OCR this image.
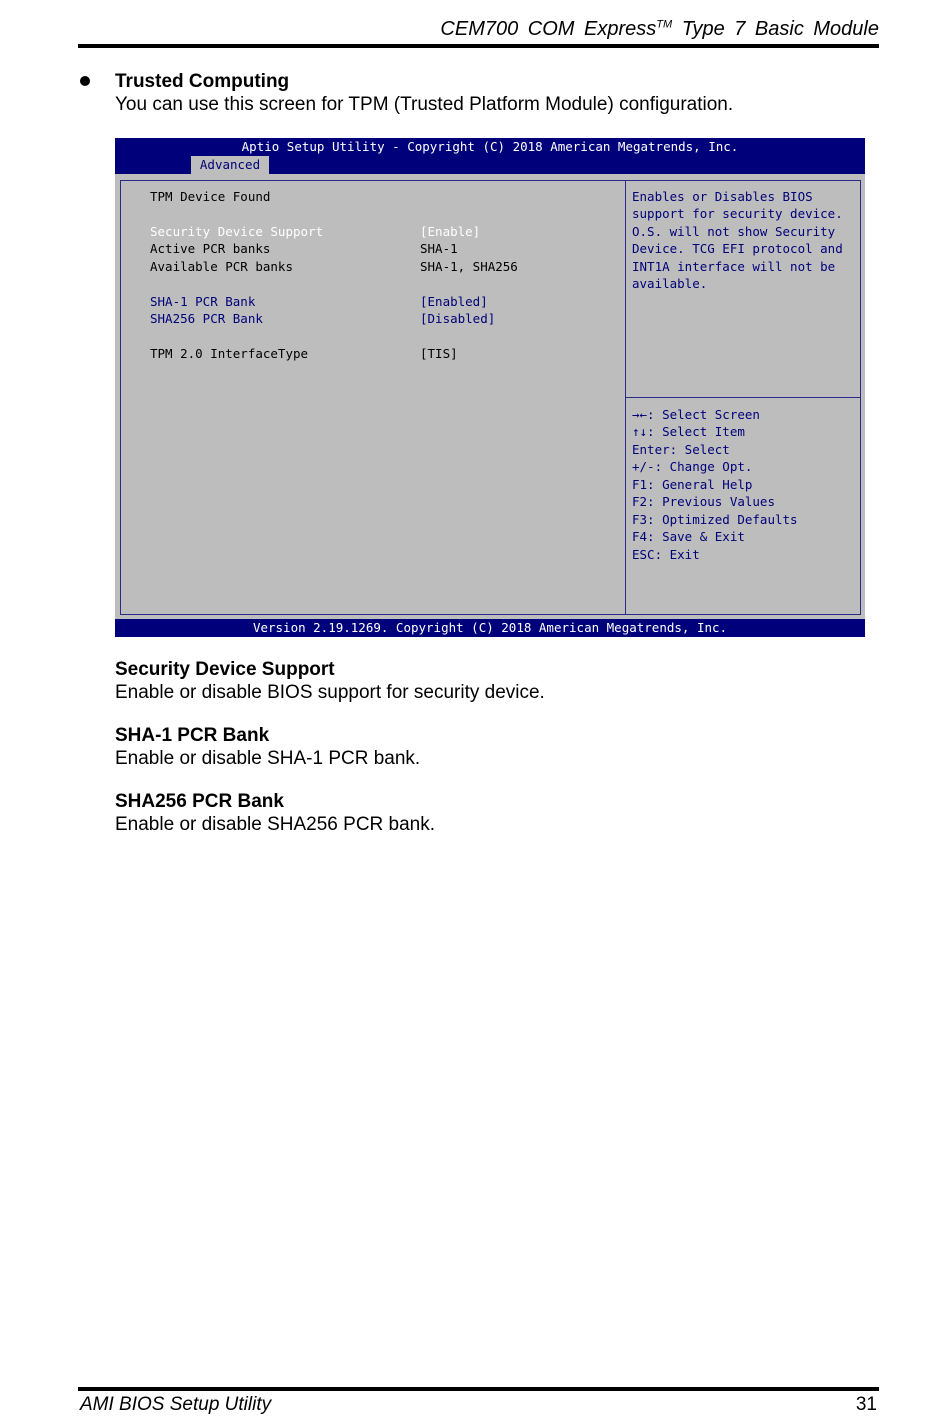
CEM700 COM Express™ Type 7 Basic Module
Trusted Computing
You can use this screen for TPM (Trusted Platform Module) configuration.
Aptio Setup Utility - Copyright (C) 2018 American Megatrends, Inc.
Advanced
TPM Device Found
Security Device Support	[Enable]
Active PCR banks	SHA-1
Available PCR banks	SHA-1, SHA256
SHA-1 PCR Bank	[Enabled]
SHA256 PCR Bank	[Disabled]
TPM 2.0 InterfaceType	[TIS]
Enables or Disables BIOS
support for security device.
O.S. will not show Security
Device. TCG EFI protocol and
INT1A interface will not be
available.
→←: Select Screen
↑↓: Select Item
Enter: Select
+/-: Change Opt.
F1: General Help
F2: Previous Values
F3: Optimized Defaults
F4: Save & Exit
ESC: Exit
Version 2.19.1269. Copyright (C) 2018 American Megatrends, Inc.
Security Device Support
Enable or disable BIOS support for security device.
SHA-1 PCR Bank
Enable or disable SHA-1 PCR bank.
SHA256 PCR Bank
Enable or disable SHA256 PCR bank.
AMI BIOS Setup Utility	31
